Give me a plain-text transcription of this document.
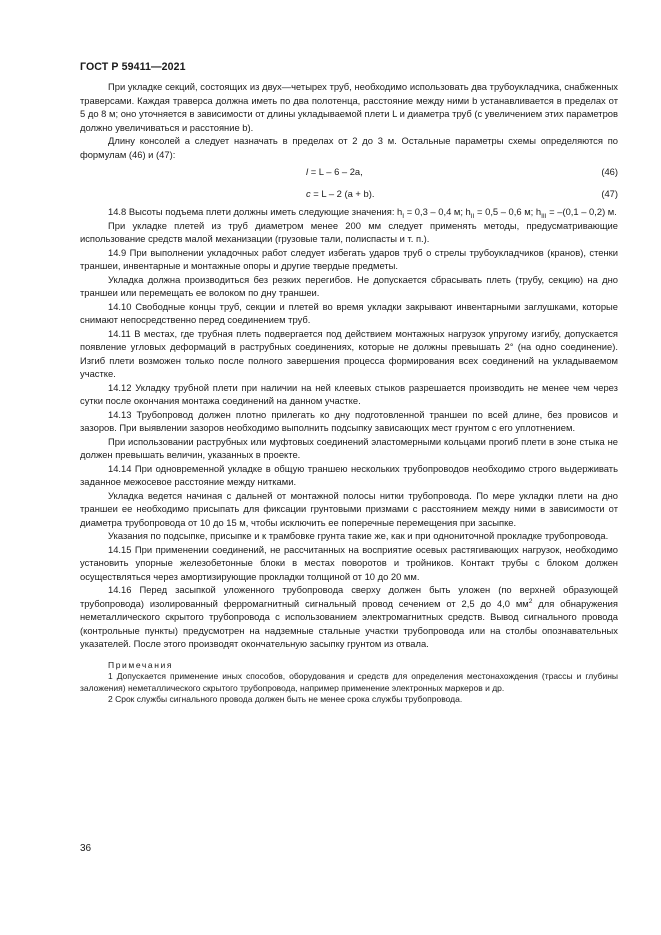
ГОСТ Р 59411—2021

При укладке секций, состоящих из двух—четырех труб, необходимо использовать два трубоукладчика, снабженных траверсами. Каждая траверса должна иметь по два полотенца, расстояние между ними b устанавливается в пределах от 5 до 8 м; оно уточняется в зависимости от длины укладываемой плети L и диаметра труб (с увеличением этих параметров должно увеличиваться и расстояние b).

Длину консолей a следует назначать в пределах от 2 до 3 м. Остальные параметры схемы определяются по формулам (46) и (47):

l = L – 6 – 2a,	(46)
c = L – 2 (a + b).	(47)

14.8 Высоты подъема плети должны иметь следующие значения: $h_I = 0,3 - 0,4$ м; $h_{II} = 0,5 - 0,6$ м; $h_{III} = -(0,1 - 0,2)$ м.

При укладке плетей из труб диаметром менее 200 мм следует применять методы, предусматривающие использование средств малой механизации (грузовые тали, полиспасты и т. п.).

14.9 При выполнении укладочных работ следует избегать ударов труб о стрелы трубоукладчиков (кранов), стенки траншеи, инвентарные и монтажные опоры и другие твердые предметы.

Укладка должна производиться без резких перегибов. Не допускается сбрасывать плеть (трубу, секцию) на дно траншеи или перемещать ее волоком по дну траншеи.

14.10 Свободные концы труб, секции и плетей во время укладки закрывают инвентарными заглушками, которые снимают непосредственно перед соединением труб.

14.11 В местах, где трубная плеть подвергается под действием монтажных нагрузок упругому изгибу, допускается появление угловых деформаций в раструбных соединениях, которые не должны превышать 2° (на одно соединение). Изгиб плети возможен только после полного завершения процесса формирования всех соединений на укладываемом участке.

14.12 Укладку трубной плети при наличии на ней клеевых стыков разрешается производить не менее чем через сутки после окончания монтажа соединений на данном участке.

14.13 Трубопровод должен плотно прилегать ко дну подготовленной траншеи по всей длине, без провисов и зазоров. При выявлении зазоров необходимо выполнить подсыпку зависающих мест грунтом с его уплотнением.

При использовании раструбных или муфтовых соединений эластомерными кольцами прогиб плети в зоне стыка не должен превышать величин, указанных в проекте.

14.14 При одновременной укладке в общую траншею нескольких трубопроводов необходимо строго выдерживать заданное межосевое расстояние между нитками.

Укладка ведется начиная с дальней от монтажной полосы нитки трубопровода. По мере укладки плети на дно траншеи ее необходимо присыпать для фиксации грунтовыми призмами с расстоянием между ними в зависимости от диаметра трубопровода от 10 до 15 м, чтобы исключить ее поперечные перемещения при засыпке.

Указания по подсыпке, присыпке и к трамбовке грунта такие же, как и при однониточной прокладке трубопровода.

14.15 При применении соединений, не рассчитанных на восприятие осевых растягивающих нагрузок, необходимо установить упорные железобетонные блоки в местах поворотов и тройников. Контакт трубы с блоком должен осуществляться через амортизирующие прокладки толщиной от 10 до 20 мм.

14.16 Перед засыпкой уложенного трубопровода сверху должен быть уложен (по верхней образующей трубопровода) изолированный ферромагнитный сигнальный провод сечением от 2,5 до 4,0 $мм^2$ для обнаружения неметаллического скрытого трубопровода с использованием электромагнитных средств. Вывод сигнального провода (контрольные пункты) предусмотрен на надземные стальные участки трубопровода или на столбы опознавательных указателей. После этого производят окончательную засыпку грунтом из отвала.

Примечания

1 Допускается применение иных способов, оборудования и средств для определения местонахождения (трассы и глубины заложения) неметаллического скрытого трубопровода, например применение электронных маркеров и др.

2 Срок службы сигнального провода должен быть не менее срока службы трубопровода.

36
